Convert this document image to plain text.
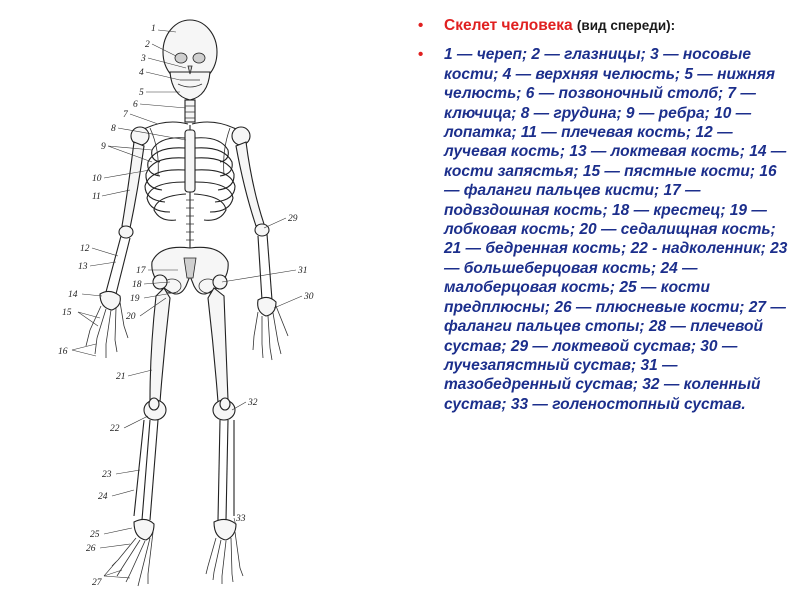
1
2
3
4
5
6
7
8
9
10
11
12
13
14
15
16
17
18
19
20
21
22
23
24
25
26
27
29
31
30
32
33
• Скелет человека (вид спереди):
• 1 — череп; 2 — глазницы; 3 — носовые кости; 4 — верхняя челюсть; 5 — нижняя челюсть; 6 — позвоночный столб; 7 — ключица; 8 — грудина; 9 — ребра; 10 — лопатка; 11 — плечевая кость; 12 — лучевая кость; 13 — локтевая кость; 14 — кости запястья; 15 — пястные кости; 16 — фаланги пальцев кисти; 17 — подвздошная кость; 18 — крестец; 19 — лобковая кость; 20 — седалищная кость; 21 — бедренная кость; 22 - надколенник; 23 — большеберцовая кость; 24 — малоберцовая кость; 25 — кости предплюсны; 26 — плюсневые кости; 27 — фаланги пальцев стопы; 28 — плечевой сустав; 29 — локтевой сустав; 30 — лучезапястный сустав; 31 — тазобедренный сустав; 32 — коленный сустав; 33 — голеностопный сустав.
